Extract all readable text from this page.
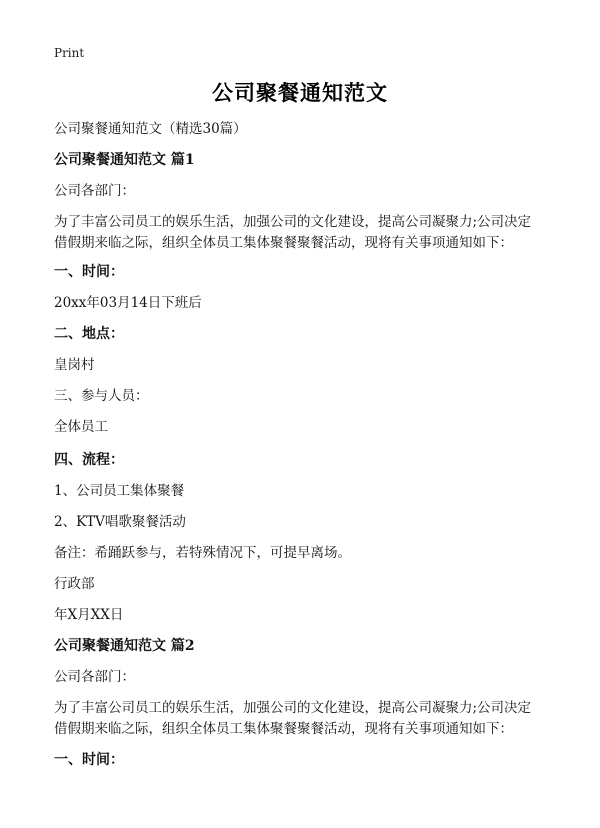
Print
公司聚餐通知范文
公司聚餐通知范文（精选30篇）
公司聚餐通知范文 篇1
公司各部门：
为了丰富公司员工的娱乐生活，加强公司的文化建设，提高公司凝聚力;公司决定
借假期来临之际，组织全体员工集体聚餐聚餐活动，现将有关事项通知如下：
一、时间：
20xx年03月14日下班后
二、地点：
皇岗村
三、参与人员：
全体员工
四、流程：
1、公司员工集体聚餐
2、KTV唱歌聚餐活动
备注：希踊跃参与，若特殊情况下，可提早离场。
行政部
年X月XX日
公司聚餐通知范文 篇2
公司各部门：
为了丰富公司员工的娱乐生活，加强公司的文化建设，提高公司凝聚力;公司决定
借假期来临之际，组织全体员工集体聚餐聚餐活动，现将有关事项通知如下：
一、时间：
